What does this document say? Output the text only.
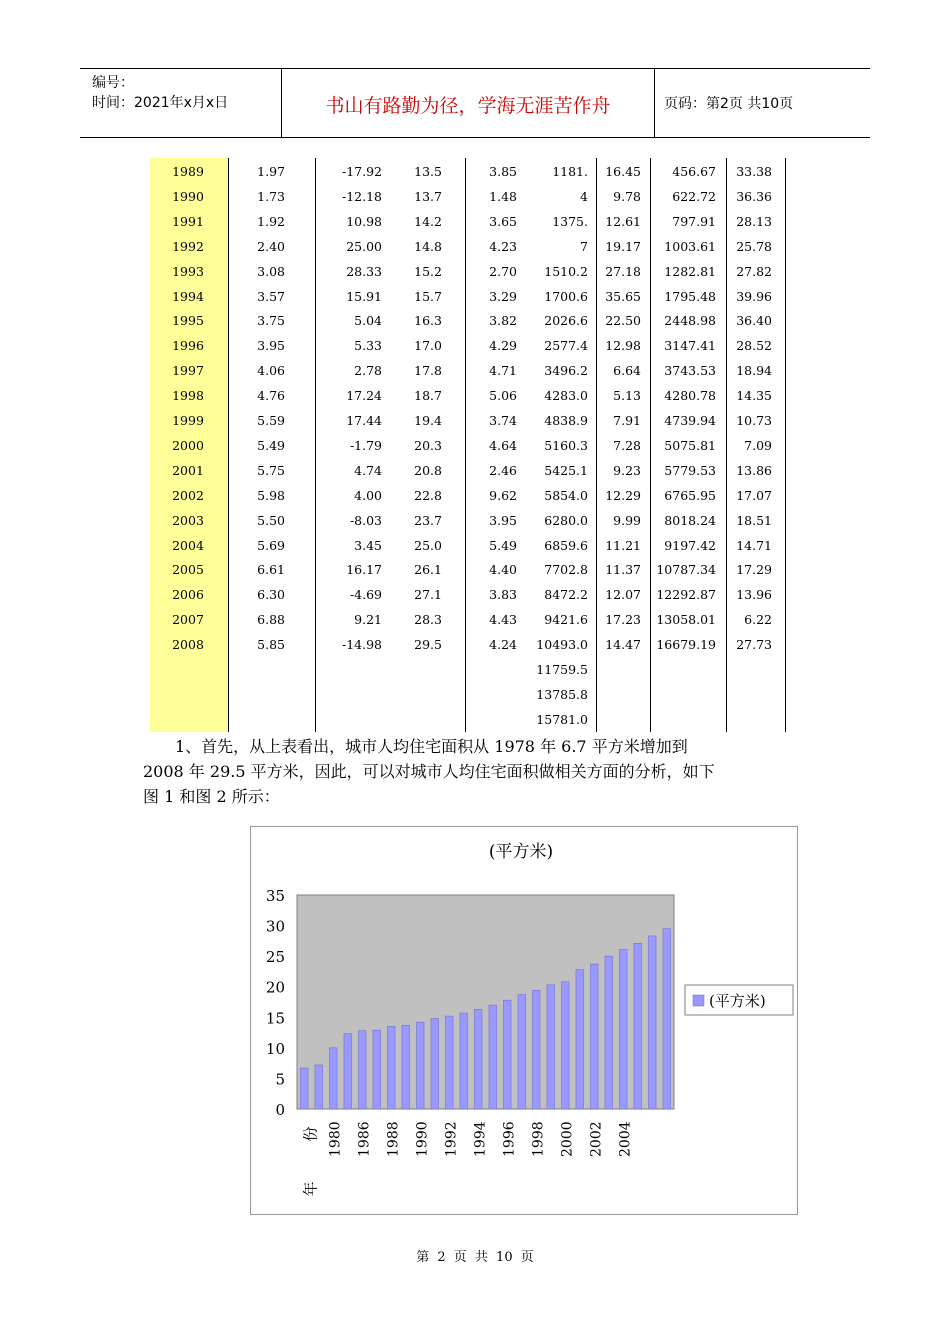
编号：
时间：2021年x月x日	书山有路勤为径，学海无涯苦作舟	页码：第2页 共10页
1989
1990
1991
1992
1993
1994
1995
1996
1997
1998
1999
2000
2001
2002
2003
2004
2005
2006
2007
2008
1.97
1.73
1.92
2.40
3.08
3.57
3.75
3.95
4.06
4.76
5.59
5.49
5.75
5.98
5.50
5.69
6.61
6.30
6.88
5.85
-17.92
-12.18
10.98
25.00
28.33
15.91
5.04
5.33
2.78
17.24
17.44
-1.79
4.74
4.00
-8.03
3.45
16.17
-4.69
9.21
-14.98
13.5
13.7
14.2
14.8
15.2
15.7
16.3
17.0
17.8
18.7
19.4
20.3
20.8
22.8
23.7
25.0
26.1
27.1
28.3
29.5
3.85
1.48
3.65
4.23
2.70
3.29
3.82
4.29
4.71
5.06
3.74
4.64
2.46
9.62
3.95
5.49
4.40
3.83
4.43
4.24
1181.
4
1375.
7
1510.2
1700.6
2026.6
2577.4
3496.2
4283.0
4838.9
5160.3
5425.1
5854.0
6280.0
6859.6
7702.8
8472.2
9421.6
10493.0
11759.5
13785.8
15781.0
16.45
9.78
12.61
19.17
27.18
35.65
22.50
12.98
6.64
5.13
7.91
7.28
9.23
12.29
9.99
11.21
11.37
12.07
17.23
14.47
456.67
622.72
797.91
1003.61
1282.81
1795.48
2448.98
3147.41
3743.53
4280.78
4739.94
5075.81
5779.53
6765.95
8018.24
9197.42
10787.34
12292.87
13058.01
16679.19
33.38
36.36
28.13
25.78
27.82
39.96
36.40
28.52
18.94
14.35
10.73
7.09
13.86
17.07
18.51
14.71
17.29
13.96
6.22
27.73
1、首先，从上表看出，城市人均住宅面积从 1978 年 6.7 平方米增加到
2008 年 29.5 平方米，因此，可以对城市人均住宅面积做相关方面的分析，如下
图 1 和图 2 所示：
(平方米)
0
5
10
15
20
25
30
35
1980 1986 1988 1990 1992 1994 1996 1998 2000 2002 2004
份
年
(平方米)
第 2 页 共 10 页
